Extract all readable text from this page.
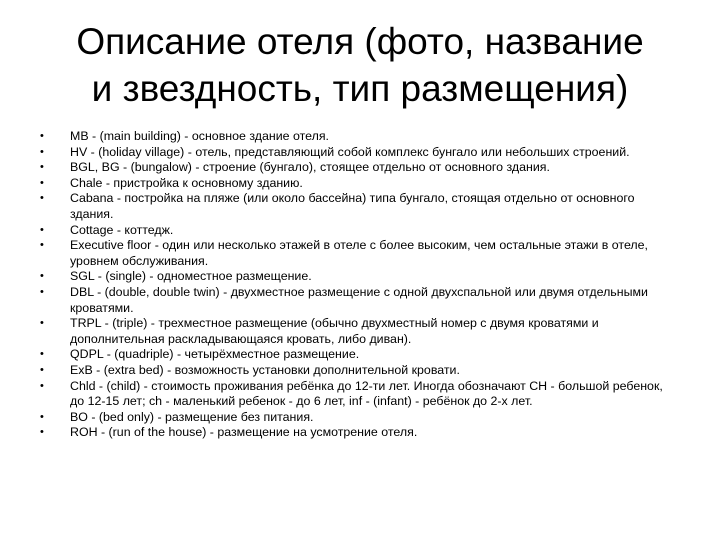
Описание отеля (фото, название
и звездность, тип размещения)
•	MB - (main building) - основное здание отеля.
•	HV - (holiday village) - отель, представляющий собой комплекс бунгало или небольших строений.
•	BGL, BG - (bungalow) - строение (бунгало), стоящее отдельно от основного здания.
•	Chale - пристройка к основному зданию.
•	Cabana - постройка на пляже (или около бассейна) типа бунгало, стоящая отдельно от основного здания.
•	Cottage - коттедж.
•	Executive floor - один или несколько этажей в отеле с более высоким, чем остальные этажи в отеле, уровнем обслуживания.
•	SGL - (single) - одноместное размещение.
•	DBL - (double, double twin) - двухместное размещение с одной двухспальной или двумя отдельными кроватями.
•	TRPL - (triple) - трехместное размещение (обычно двухместный номер с двумя кроватями и дополнительная раскладывающаяся кровать, либо диван).
•	QDPL - (quadriple) - четырёхместное размещение.
•	ExB - (extra bed) - возможность установки дополнительной кровати.
•	Chld - (child) - стоимость проживания ребёнка до 12-ти лет. Иногда обозначают CH - большой ребенок, до 12-15 лет; ch - маленький ребенок - до 6 лет, inf - (infant) - ребёнок до 2-х лет.
•	BO - (bed only) - размещение без питания.
•	ROH - (run of the house) - размещение на усмотрение отеля.
